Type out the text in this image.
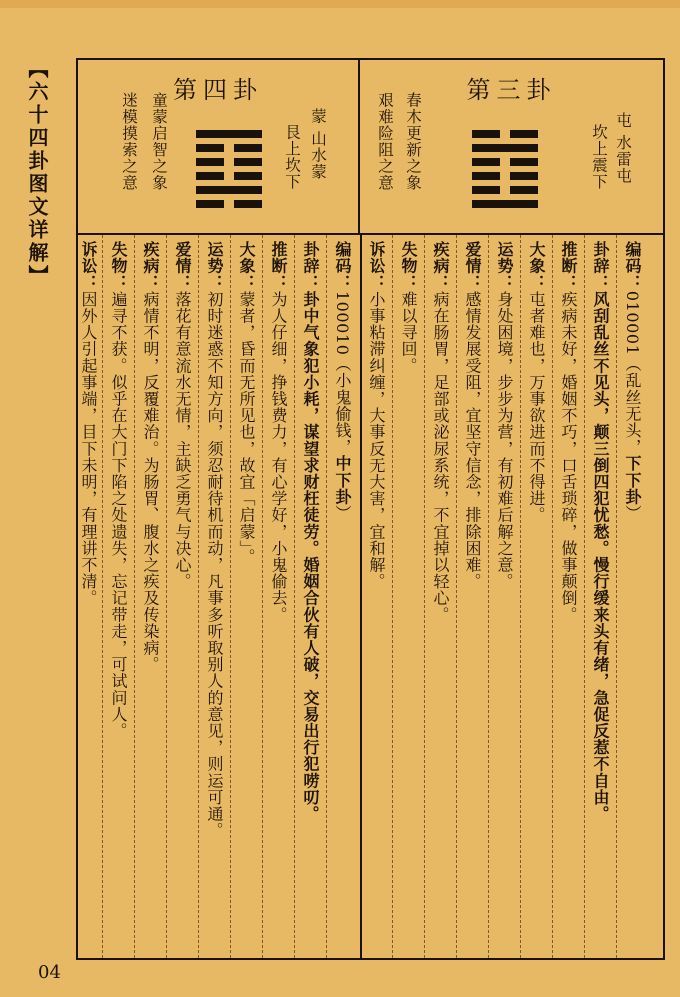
【六十四卦图文详解】	第三卦
屯 水雷屯
坎上震下
春木更新之象
艰难险阻之意
第四卦
蒙 山水蒙
艮上坎下
童蒙启智之象
迷模摸索之意
编码：010001（乱丝无头，下下卦）
卦辞：风刮乱丝不见头，颠三倒四犯忧愁。慢行缓来头有绪，急促反惹不自由。
推断：疾病未好，婚姻不巧，口舌琐碎，做事颠倒。
大象：屯者难也，万事欲进而不得进。
运势：身处困境，步步为营，有初难后解之意。
爱情：感情发展受阻，宜坚守信念，排除困难。
疾病：病在肠胃，足部或泌尿系统，不宜掉以轻心。
失物：难以寻回。
诉讼：小事粘滞纠缠，大事反无大害，宜和解。
编码：100010（小鬼偷钱，中下卦）
卦辞：卦中气象犯小耗，谋望求财枉徒劳。婚姻合伙有人破，交易出行犯唠叨。
推断：为人仔细，挣钱费力，有心学好，小鬼偷去。
大象：蒙者，昏而无所见也，故宜「启蒙」。
运势：初时迷惑不知方向，须忍耐待机而动，凡事多听取别人的意见，则运可通。
爱情：落花有意流水无情，主缺乏勇气与决心。
疾病：病情不明，反覆难治。为肠胃、腹水之疾及传染病。
失物：遍寻不获。似乎在大门下陷之处遗失，忘记带走，可试问人。
诉讼：因外人引起事端，目下未明，有理讲不清。
04
